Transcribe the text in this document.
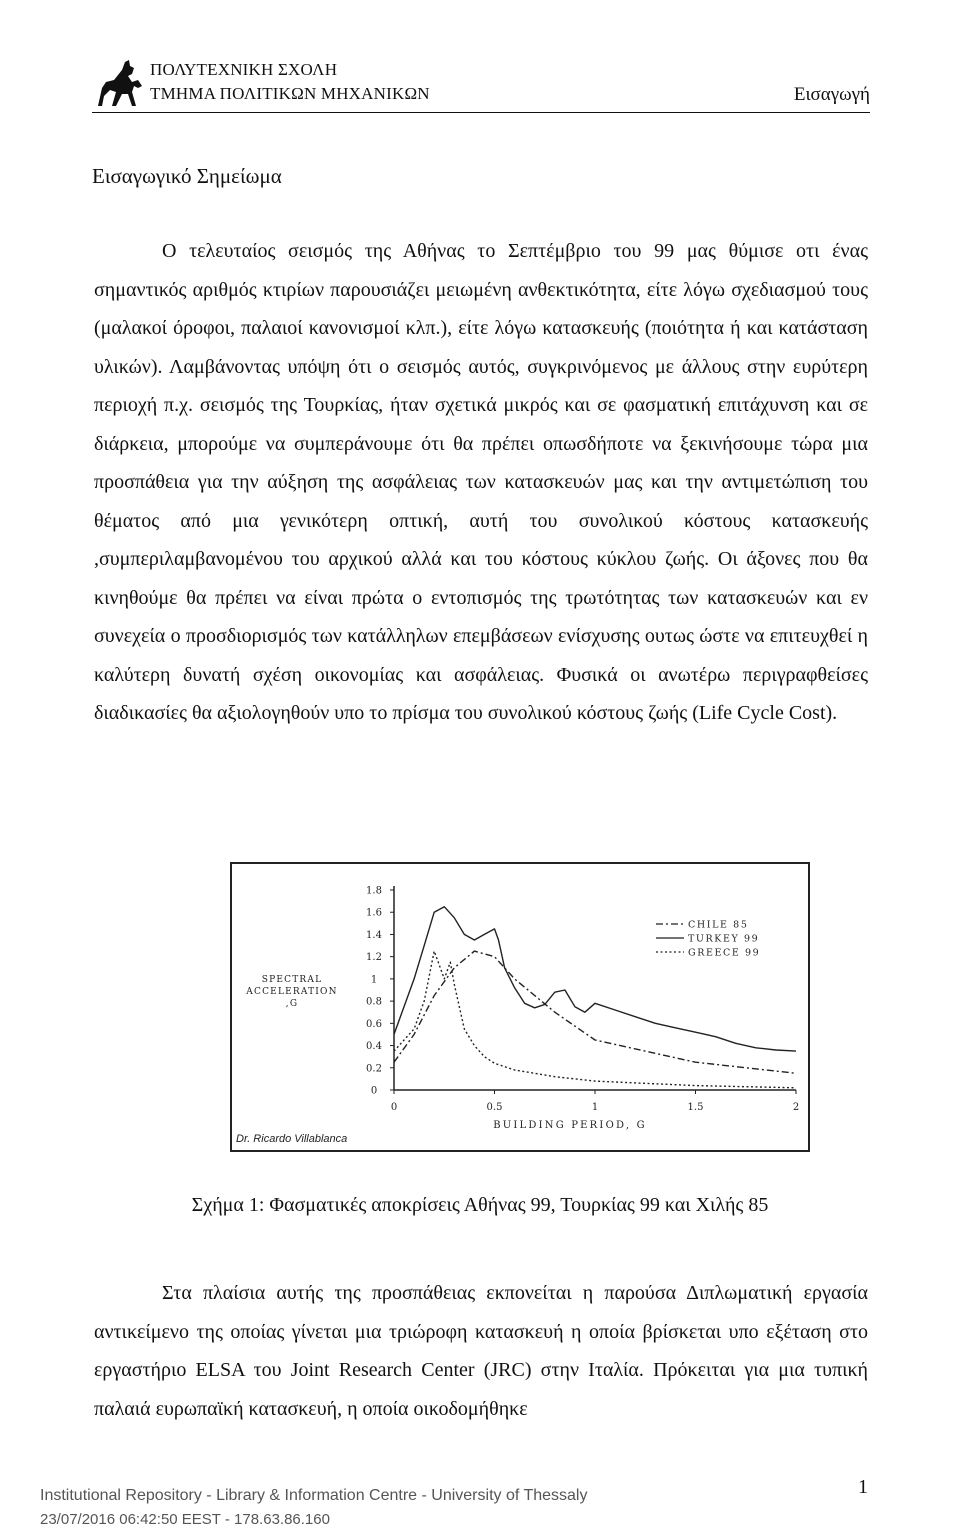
ΠΟΛΥΤΕΧΝΙΚΗ ΣΧΟΛΗ
ΤΜΗΜΑ ΠΟΛΙΤΙΚΩΝ ΜΗΧΑΝΙΚΩΝ	Εισαγωγή
Εισαγωγικό Σημείωμα

Ο τελευταίος σεισμός της Αθήνας το Σεπτέμβριο του 99 μας θύμισε οτι ένας σημαντικός αριθμός κτιρίων παρουσιάζει μειωμένη ανθεκτικότητα, είτε λόγω σχεδιασμού τους (μαλακοί όροφοι, παλαιοί κανονισμοί κλπ.), είτε λόγω κατασκευής (ποιότητα ή και κατάσταση υλικών). Λαμβάνοντας υπόψη ότι ο σεισμός αυτός, συγκρινόμενος με άλλους στην ευρύτερη περιοχή π.χ. σεισμός της Τουρκίας, ήταν σχετικά μικρός και σε φασματική επιτάχυνση και σε διάρκεια, μπορούμε να συμπεράνουμε ότι θα πρέπει οπωσδήποτε να ξεκινήσουμε τώρα μια προσπάθεια για την αύξηση της ασφάλειας των κατασκευών μας και την αντιμετώπιση του θέματος από μια γενικότερη οπτική, αυτή του συνολικού κόστους κατασκευής ,συμπεριλαμβανομένου του αρχικού αλλά και του κόστους κύκλου ζωής. Οι άξονες που θα κινηθούμε θα πρέπει να είναι πρώτα ο εντοπισμός της τρωτότητας των κατασκευών και εν συνεχεία ο προσδιορισμός των κατάλληλων επεμβάσεων ενίσχυσης ουτως ώστε να επιτευχθεί η καλύτερη δυνατή σχέση οικονομίας και ασφάλειας. Φυσικά οι ανωτέρω περιγραφθείσες διαδικασίες θα αξιολογηθούν υπο το πρίσμα του συνολικού κόστους ζωής (Life Cycle Cost).

0
0.2
0.4
0.6
0.8
1
1.2
1.4
1.6
1.8
0	0.5	1	1.5	2
CHILE 85
TURKEY 99
GREECE 99
SPECTRAL
ACCELERATION
,G
BUILDING PERIOD, G
Dr. Ricardo Villablanca
Σχήμα 1: Φασματικές αποκρίσεις Αθήνας 99, Τουρκίας 99 και Χιλής 85

Στα πλαίσια αυτής της προσπάθειας εκπονείται η παρούσα Διπλωματική εργασία αντικείμενο της οποίας γίνεται μια τριώροφη κατασκευή η οποία βρίσκεται υπο εξέταση στο εργαστήριο ELSA του Joint Research Center (JRC) στην Ιταλία. Πρόκειται για μια τυπική παλαιά ευρωπαϊκή κατασκευή, η οποία οικοδομήθηκε

Institutional Repository - Library & Information Centre - University of Thessaly
23/07/2016 06:42:50 EEST - 178.63.86.160
1
